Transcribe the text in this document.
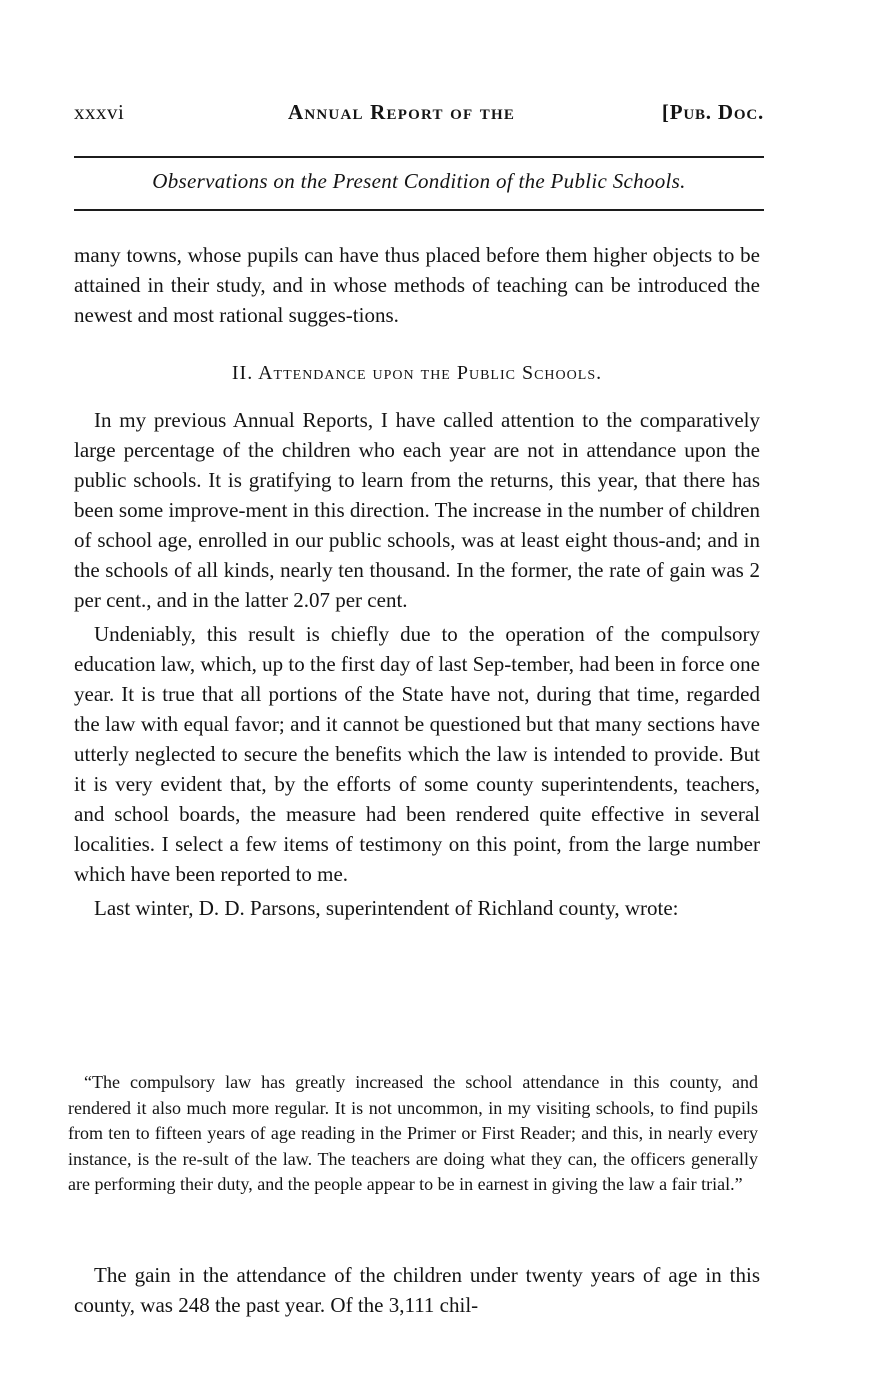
xxxvi	Annual Report of the	[Pub. Doc.
Observations on the Present Condition of the Public Schools.

many towns, whose pupils can have thus placed before them higher objects to be attained in their study, and in whose methods of teaching can be introduced the newest and most rational sugges-tions.

II. Attendance upon the Public Schools.

In my previous Annual Reports, I have called attention to the comparatively large percentage of the children who each year are not in attendance upon the public schools. It is gratifying to learn from the returns, this year, that there has been some improve-ment in this direction. The increase in the number of children of school age, enrolled in our public schools, was at least eight thous-and; and in the schools of all kinds, nearly ten thousand. In the former, the rate of gain was 2 per cent., and in the latter 2.07 per cent.

Undeniably, this result is chiefly due to the operation of the compulsory education law, which, up to the first day of last Sep-tember, had been in force one year. It is true that all portions of the State have not, during that time, regarded the law with equal favor; and it cannot be questioned but that many sections have utterly neglected to secure the benefits which the law is intended to provide. But it is very evident that, by the efforts of some county superintendents, teachers, and school boards, the measure had been rendered quite effective in several localities. I select a few items of testimony on this point, from the large number which have been reported to me.

Last winter, D. D. Parsons, superintendent of Richland county, wrote:

“The compulsory law has greatly increased the school attendance in this county, and rendered it also much more regular. It is not uncommon, in my visiting schools, to find pupils from ten to fifteen years of age reading in the Primer or First Reader; and this, in nearly every instance, is the re-sult of the law. The teachers are doing what they can, the officers generally are performing their duty, and the people appear to be in earnest in giving the law a fair trial.”

The gain in the attendance of the children under twenty years of age in this county, was 248 the past year. Of the 3,111 chil-
